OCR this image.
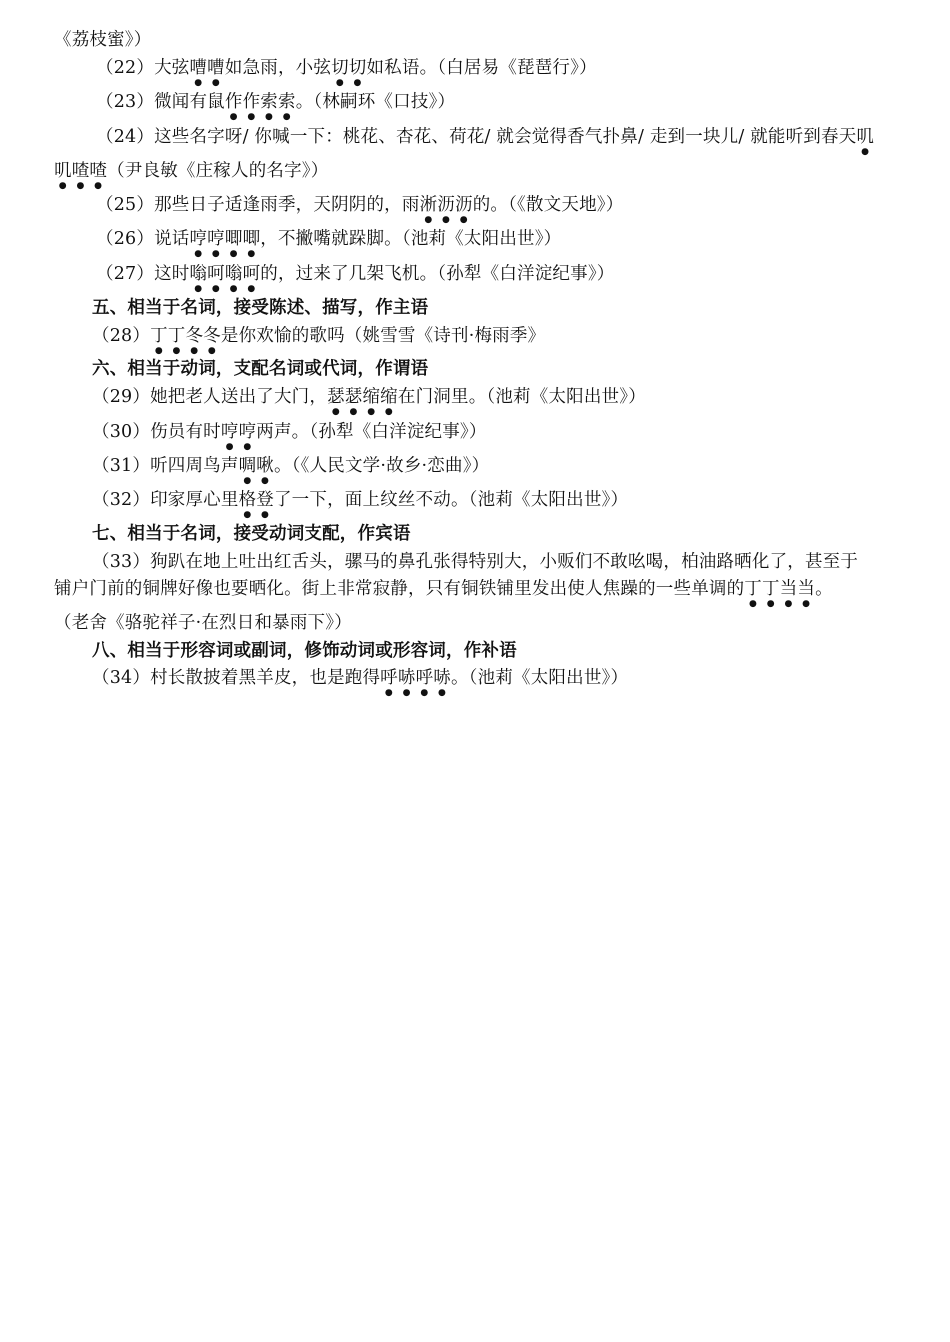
《荔枝蜜》）
（22）大弦嘈嘈如急雨，小弦切切如私语。（白居易《琵琶行》）
（23）微闻有鼠作作索索。（林嗣环《口技》）
（24）这些名字呀/ 你喊一下：桃花、杏花、荷花/ 就会觉得香气扑鼻/ 走到一块儿/ 就能听到春天叽
叽喳喳（尹良敏《庄稼人的名字》）
（25）那些日子适逢雨季，天阴阴的，雨淅沥沥的。（《散文天地》）
（26）说话哼哼唧唧，不撇嘴就跺脚。（池莉《太阳出世》）
（27）这时嗡呵嗡呵的，过来了几架飞机。（孙犁《白洋淀纪事》）
五、相当于名词，接受陈述、描写，作主语
（28）丁丁冬冬是你欢愉的歌吗（姚雪雪《诗刊·梅雨季》
六、相当于动词，支配名词或代词，作谓语
（29）她把老人送出了大门，瑟瑟缩缩在门洞里。（池莉《太阳出世》）
（30）伤员有时哼哼两声。（孙犁《白洋淀纪事》）
（31）听四周鸟声啁啾。（《人民文学·故乡·恋曲》）
（32）印家厚心里格登了一下，面上纹丝不动。（池莉《太阳出世》）
七、相当于名词，接受动词支配，作宾语
（33）狗趴在地上吐出红舌头，骡马的鼻孔张得特别大，小贩们不敢吆喝，柏油路晒化了，甚至于
铺户门前的铜牌好像也要晒化。街上非常寂静，只有铜铁铺里发出使人焦躁的一些单调的丁丁当当。
（老舍《骆驼祥子·在烈日和暴雨下》）
八、相当于形容词或副词，修饰动词或形容词，作补语
（34）村长散披着黑羊皮，也是跑得呼哧呼哧。（池莉《太阳出世》）
